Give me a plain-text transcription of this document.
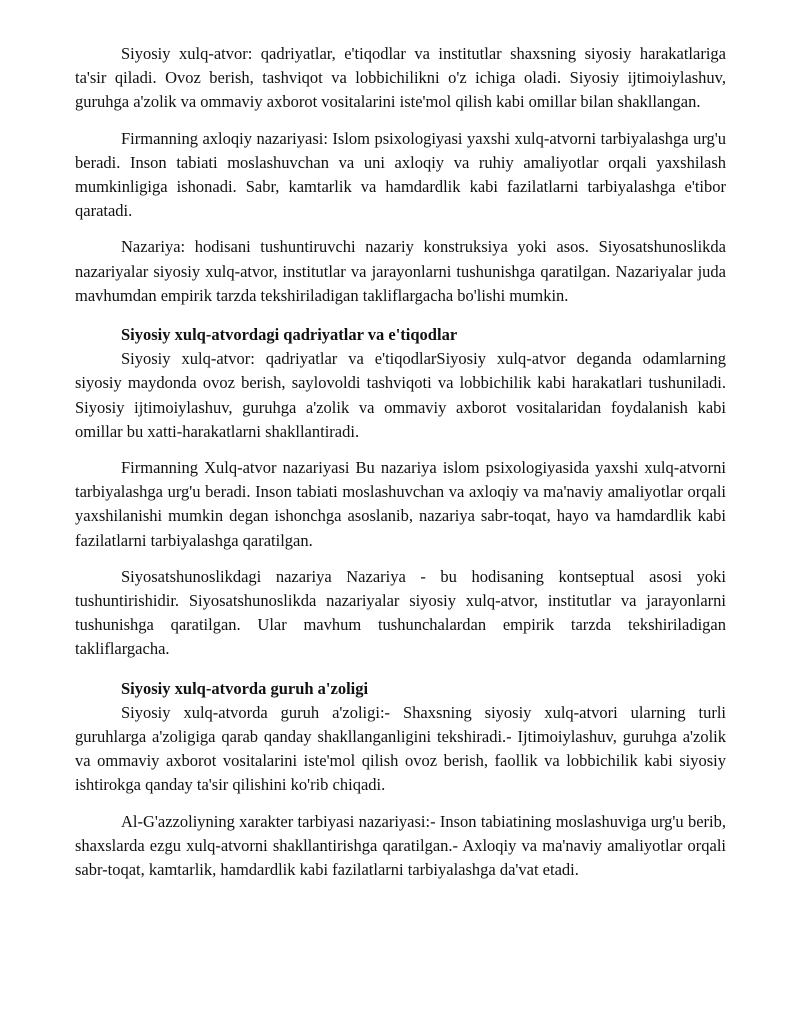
Siyosiy xulq-atvor: qadriyatlar, e'tiqodlar va institutlar shaxsning siyosiy harakatlariga ta'sir qiladi. Ovoz berish, tashviqot va lobbichilikni o'z ichiga oladi. Siyosiy ijtimoiylashuv, guruhga a'zolik va ommaviy axborot vositalarini iste'mol qilish kabi omillar bilan shakllangan.

Firmanning axloqiy nazariyasi: Islom psixologiyasi yaxshi xulq-atvorni tarbiyalashga urg'u beradi. Inson tabiati moslashuvchan va uni axloqiy va ruhiy amaliyotlar orqali yaxshilash mumkinligiga ishonadi. Sabr, kamtarlik va hamdardlik kabi fazilatlarni tarbiyalashga e'tibor qaratadi.

Nazariya: hodisani tushuntiruvchi nazariy konstruksiya yoki asos. Siyosatshunoslikda nazariyalar siyosiy xulq-atvor, institutlar va jarayonlarni tushunishga qaratilgan. Nazariyalar juda mavhumdan empirik tarzda tekshiriladigan takliflargacha bo'lishi mumkin.

Siyosiy xulq-atvordagi qadriyatlar va e'tiqodlar

Siyosiy xulq-atvor: qadriyatlar va e'tiqodlarSiyosiy xulq-atvor deganda odamlarning siyosiy maydonda ovoz berish, saylovoldi tashviqoti va lobbichilik kabi harakatlari tushuniladi. Siyosiy ijtimoiylashuv, guruhga a'zolik va ommaviy axborot vositalaridan foydalanish kabi omillar bu xatti-harakatlarni shakllantiradi.

Firmanning Xulq-atvor nazariyasi Bu nazariya islom psixologiyasida yaxshi xulq-atvorni tarbiyalashga urg'u beradi. Inson tabiati moslashuvchan va axloqiy va ma'naviy amaliyotlar orqali yaxshilanishi mumkin degan ishonchga asoslanib, nazariya sabr-toqat, hayo va hamdardlik kabi fazilatlarni tarbiyalashga qaratilgan.

Siyosatshunoslikdagi nazariya Nazariya - bu hodisaning kontseptual asosi yoki tushuntirishidir. Siyosatshunoslikda nazariyalar siyosiy xulq-atvor, institutlar va jarayonlarni tushunishga qaratilgan. Ular mavhum tushunchalardan empirik tarzda tekshiriladigan takliflargacha.

Siyosiy xulq-atvorda guruh a'zoligi

Siyosiy xulq-atvorda guruh a'zoligi:- Shaxsning siyosiy xulq-atvori ularning turli guruhlarga a'zoligiga qarab qanday shakllanganligini tekshiradi.- Ijtimoiylashuv, guruhga a'zolik va ommaviy axborot vositalarini iste'mol qilish ovoz berish, faollik va lobbichilik kabi siyosiy ishtirokga qanday ta'sir qilishini ko'rib chiqadi.

Al-G'azzoliyning xarakter tarbiyasi nazariyasi:- Inson tabiatining moslashuviga urg'u berib, shaxslarda ezgu xulq-atvorni shakllantirishga qaratilgan.- Axloqiy va ma'naviy amaliyotlar orqali sabr-toqat, kamtarlik, hamdardlik kabi fazilatlarni tarbiyalashga da'vat etadi.
